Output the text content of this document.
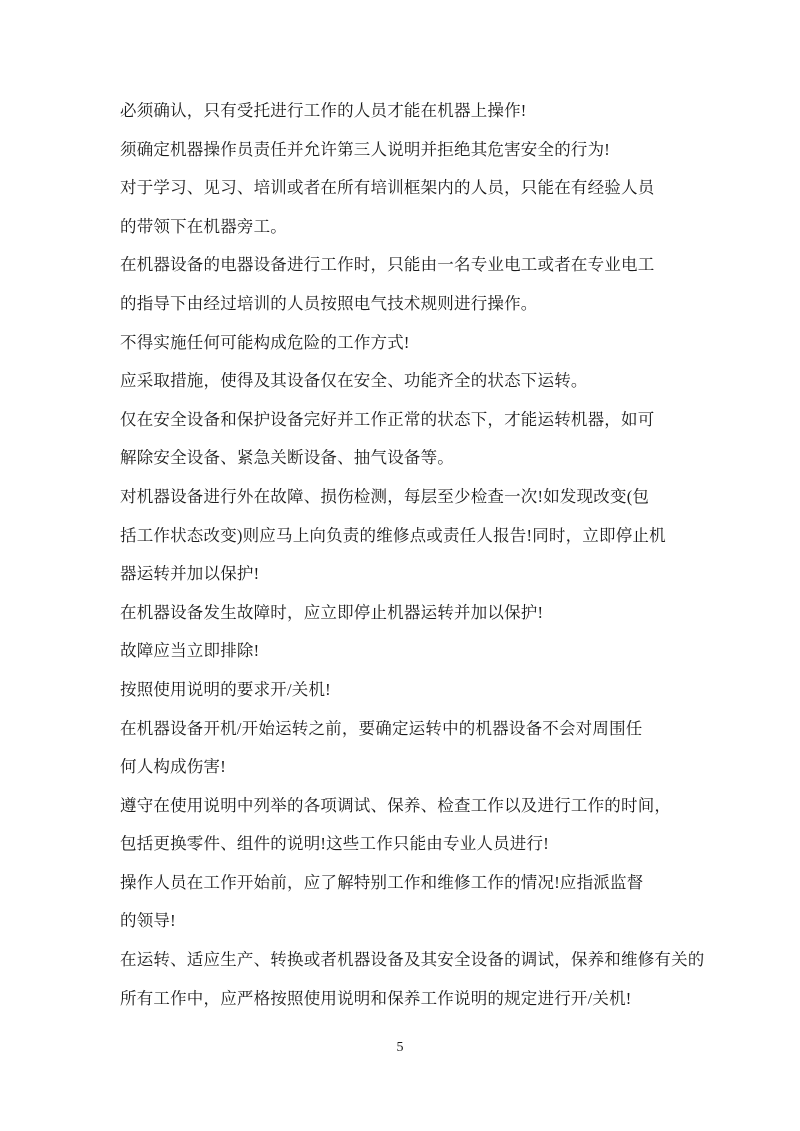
必须确认，只有受托进行工作的人员才能在机器上操作!
须确定机器操作员责任并允许第三人说明并拒绝其危害安全的行为!
对于学习、见习、培训或者在所有培训框架内的人员，只能在有经验人员
的带领下在机器旁工。
在机器设备的电器设备进行工作时，只能由一名专业电工或者在专业电工
的指导下由经过培训的人员按照电气技术规则进行操作。
不得实施任何可能构成危险的工作方式!
应采取措施，使得及其设备仅在安全、功能齐全的状态下运转。
仅在安全设备和保护设备完好并工作正常的状态下，才能运转机器，如可
解除安全设备、紧急关断设备、抽气设备等。
对机器设备进行外在故障、损伤检测，每层至少检查一次!如发现改变(包
括工作状态改变)则应马上向负责的维修点或责任人报告!同时，立即停止机
器运转并加以保护!
在机器设备发生故障时，应立即停止机器运转并加以保护!
故障应当立即排除!
按照使用说明的要求开/关机!
在机器设备开机/开始运转之前，要确定运转中的机器设备不会对周围任
何人构成伤害!
遵守在使用说明中列举的各项调试、保养、检查工作以及进行工作的时间，
包括更换零件、组件的说明!这些工作只能由专业人员进行!
操作人员在工作开始前，应了解特别工作和维修工作的情况!应指派监督
的领导!
在运转、适应生产、转换或者机器设备及其安全设备的调试，保养和维修有关的
所有工作中，应严格按照使用说明和保养工作说明的规定进行开/关机!
5
